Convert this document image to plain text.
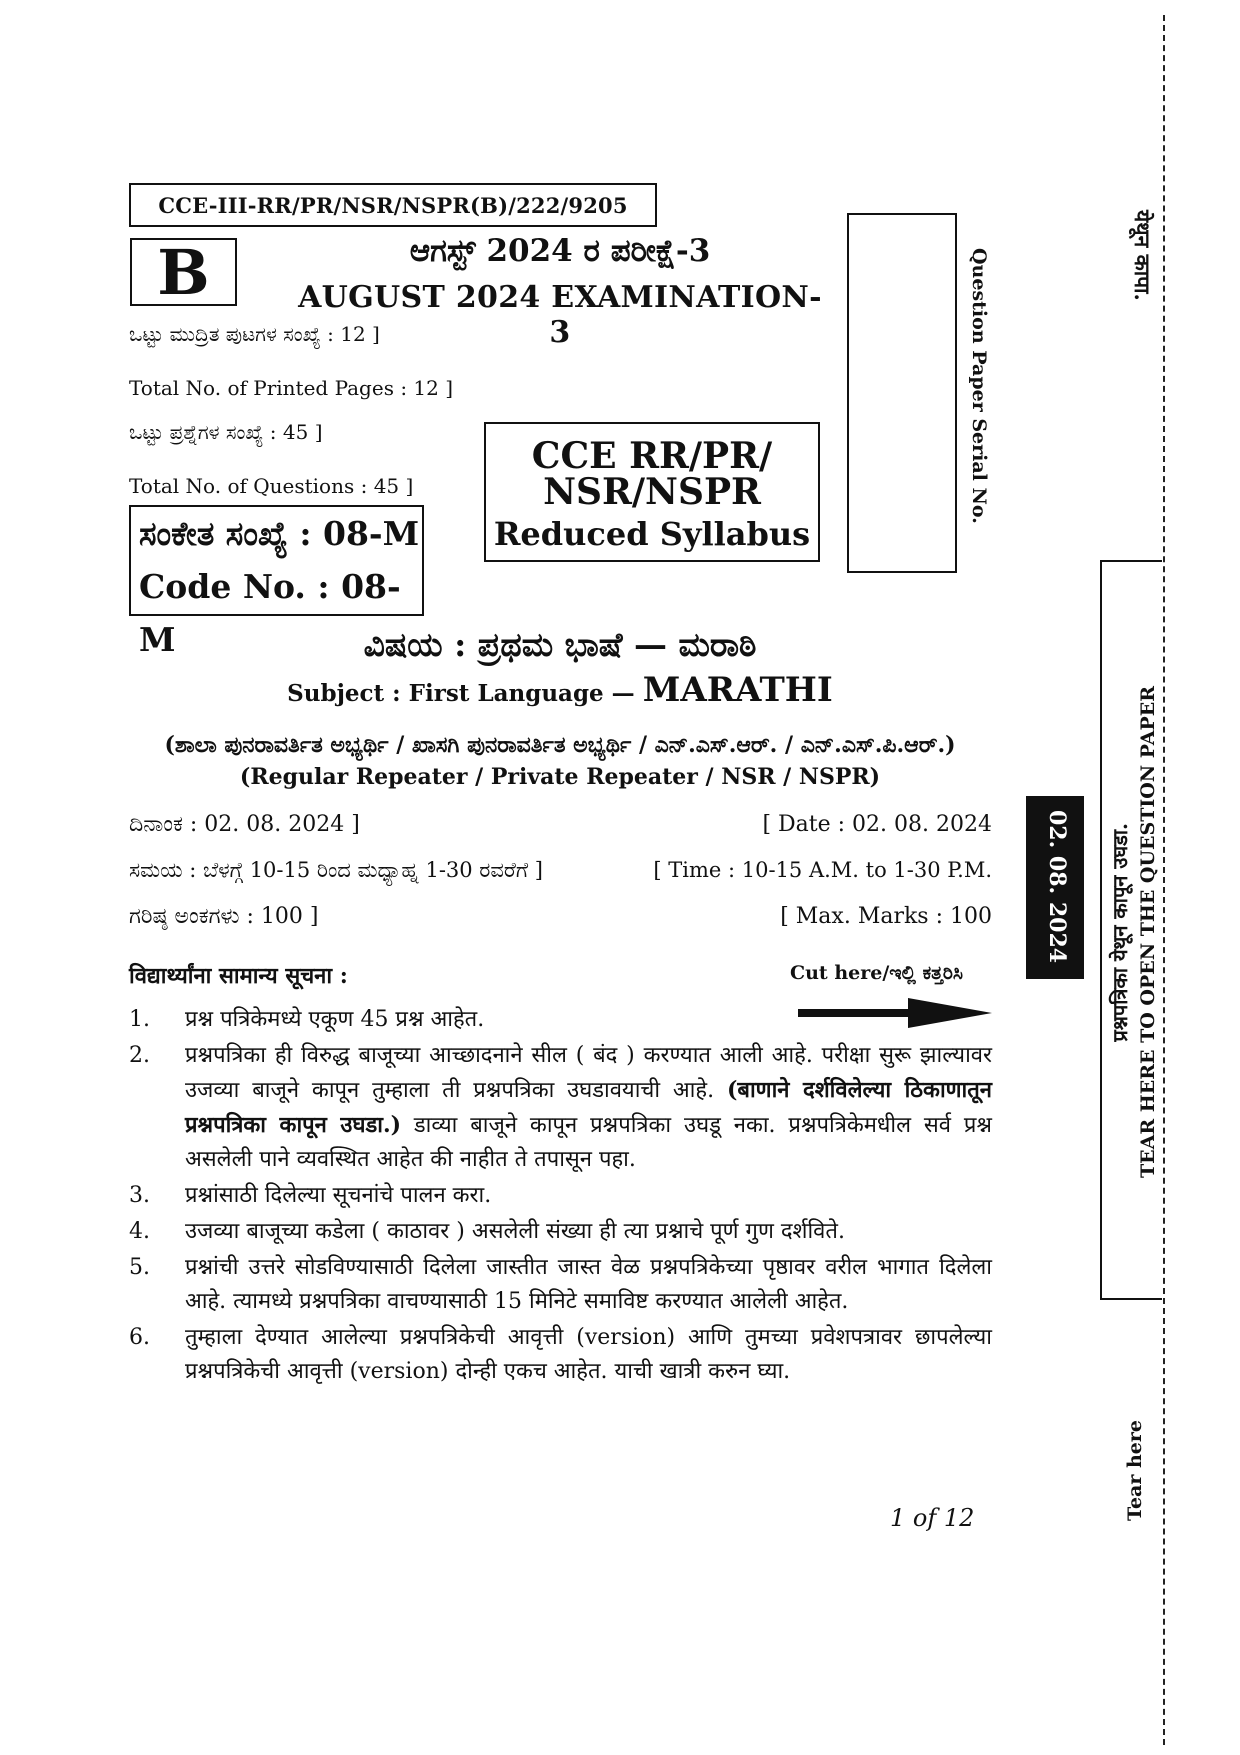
CCE-III-RR/PR/NSR/NSPR(B)/222/9205
B	ಆಗಸ್ಟ್ 2024 ರ ಪರೀಕ್ಷೆ-3
AUGUST 2024 EXAMINATION-3
ಒಟ್ಟು ಮುದ್ರಿತ ಪುಟಗಳ ಸಂಖ್ಯೆ : 12 ]
Total No. of Printed Pages : 12 ]
ಒಟ್ಟು ಪ್ರಶ್ನೆಗಳ ಸಂಖ್ಯೆ : 45 ]
Total No. of Questions : 45 ]
ಸಂಕೇತ ಸಂಖ್ಯೆ : 08-M
Code No. : 08-M
CCE RR/PR/
NSR/NSPR
Reduced Syllabus
Question Paper Serial No.
ವಿಷಯ : ಪ್ರಥಮ ಭಾಷೆ — ಮರಾಠಿ
Subject : First Language — MARATHI
(ಶಾಲಾ ಪುನರಾವರ್ತಿತ ಅಭ್ಯರ್ಥಿ / ಖಾಸಗಿ ಪುನರಾವರ್ತಿತ ಅಭ್ಯರ್ಥಿ / ಎನ್.ಎಸ್.ಆರ್. / ಎನ್.ಎಸ್.ಪಿ.ಆರ್.)
(Regular Repeater / Private Repeater / NSR / NSPR)
ದಿನಾಂಕ : 02. 08. 2024 ]	[ Date : 02. 08. 2024
ಸಮಯ : ಬೆಳಗ್ಗೆ 10-15 ರಿಂದ ಮಧ್ಯಾಹ್ನ 1-30 ರವರೆಗೆ ]	[ Time : 10-15 A.M. to 1-30 P.M.
ಗರಿಷ್ಠ ಅಂಕಗಳು : 100 ]	[ Max. Marks : 100
विद्यार्थ्यांना सामान्य सूचना :	Cut here/ಇಲ್ಲಿ ಕತ್ತರಿಸಿ
1.	प्रश्न पत्रिकेमध्ये एकूण 45 प्रश्न आहेत.
2.	प्रश्नपत्रिका ही विरुद्ध बाजूच्या आच्छादनाने सील ( बंद ) करण्यात आली आहे. परीक्षा सुरू झाल्यावर उजव्या बाजूने कापून तुम्हाला ती प्रश्नपत्रिका उघडावयाची आहे. (बाणाने दर्शविलेल्या ठिकाणातून प्रश्नपत्रिका कापून उघडा.) डाव्या बाजूने कापून प्रश्नपत्रिका उघडू नका. प्रश्नपत्रिकेमधील सर्व प्रश्न असलेली पाने व्यवस्थित आहेत की नाहीत ते तपासून पहा.
3.	प्रश्नांसाठी दिलेल्या सूचनांचे पालन करा.
4.	उजव्या बाजूच्या कडेला ( काठावर ) असलेली संख्या ही त्या प्रश्नाचे पूर्ण गुण दर्शविते.
5.	प्रश्नांची उत्तरे सोडविण्यासाठी दिलेला जास्तीत जास्त वेळ प्रश्नपत्रिकेच्या पृष्ठावर वरील भागात दिलेला आहे. त्यामध्ये प्रश्नपत्रिका वाचण्यासाठी 15 मिनिटे समाविष्ट करण्यात आलेली आहेत.
6.	तुम्हाला देण्यात आलेल्या प्रश्नपत्रिकेची आवृत्ती (version) आणि तुमच्या प्रवेशपत्रावर छापलेल्या प्रश्नपत्रिकेची आवृत्ती (version) दोन्ही एकच आहेत. याची खात्री करुन घ्या.
1 of 12
येथून कापा.
02. 08. 2024	TEAR HERE TO OPEN THE QUESTION PAPER
प्रश्नपत्रिका येथून कापून उघडा.
Tear here
